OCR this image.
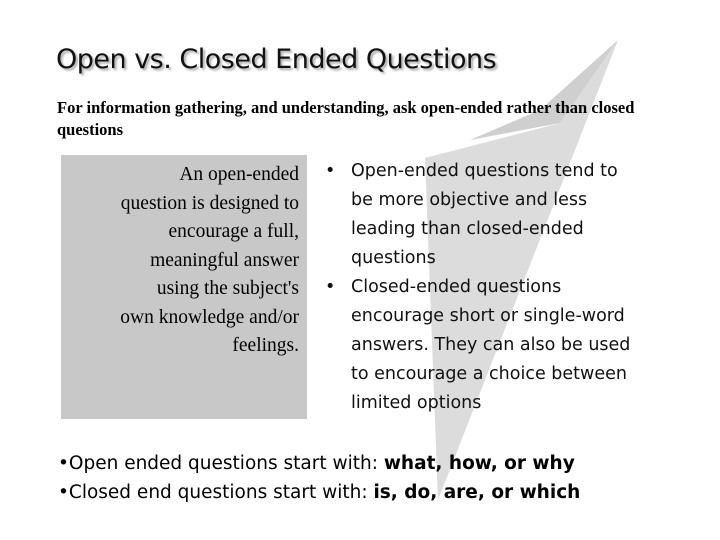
Open vs. Closed Ended Questions
For information gathering, and understanding, ask open-ended rather than closed questions
An open-ended
question is designed to
encourage a full,
meaningful answer
using the subject's
own knowledge and/or
feelings.
• Open-ended questions tend to
be more objective and less
leading than closed-ended
questions
• Closed-ended questions
encourage short or single-word
answers. They can also be used
to encourage a choice between
limited options
•Open ended questions start with: what, how, or why
•Closed end questions start with: is, do, are, or which
